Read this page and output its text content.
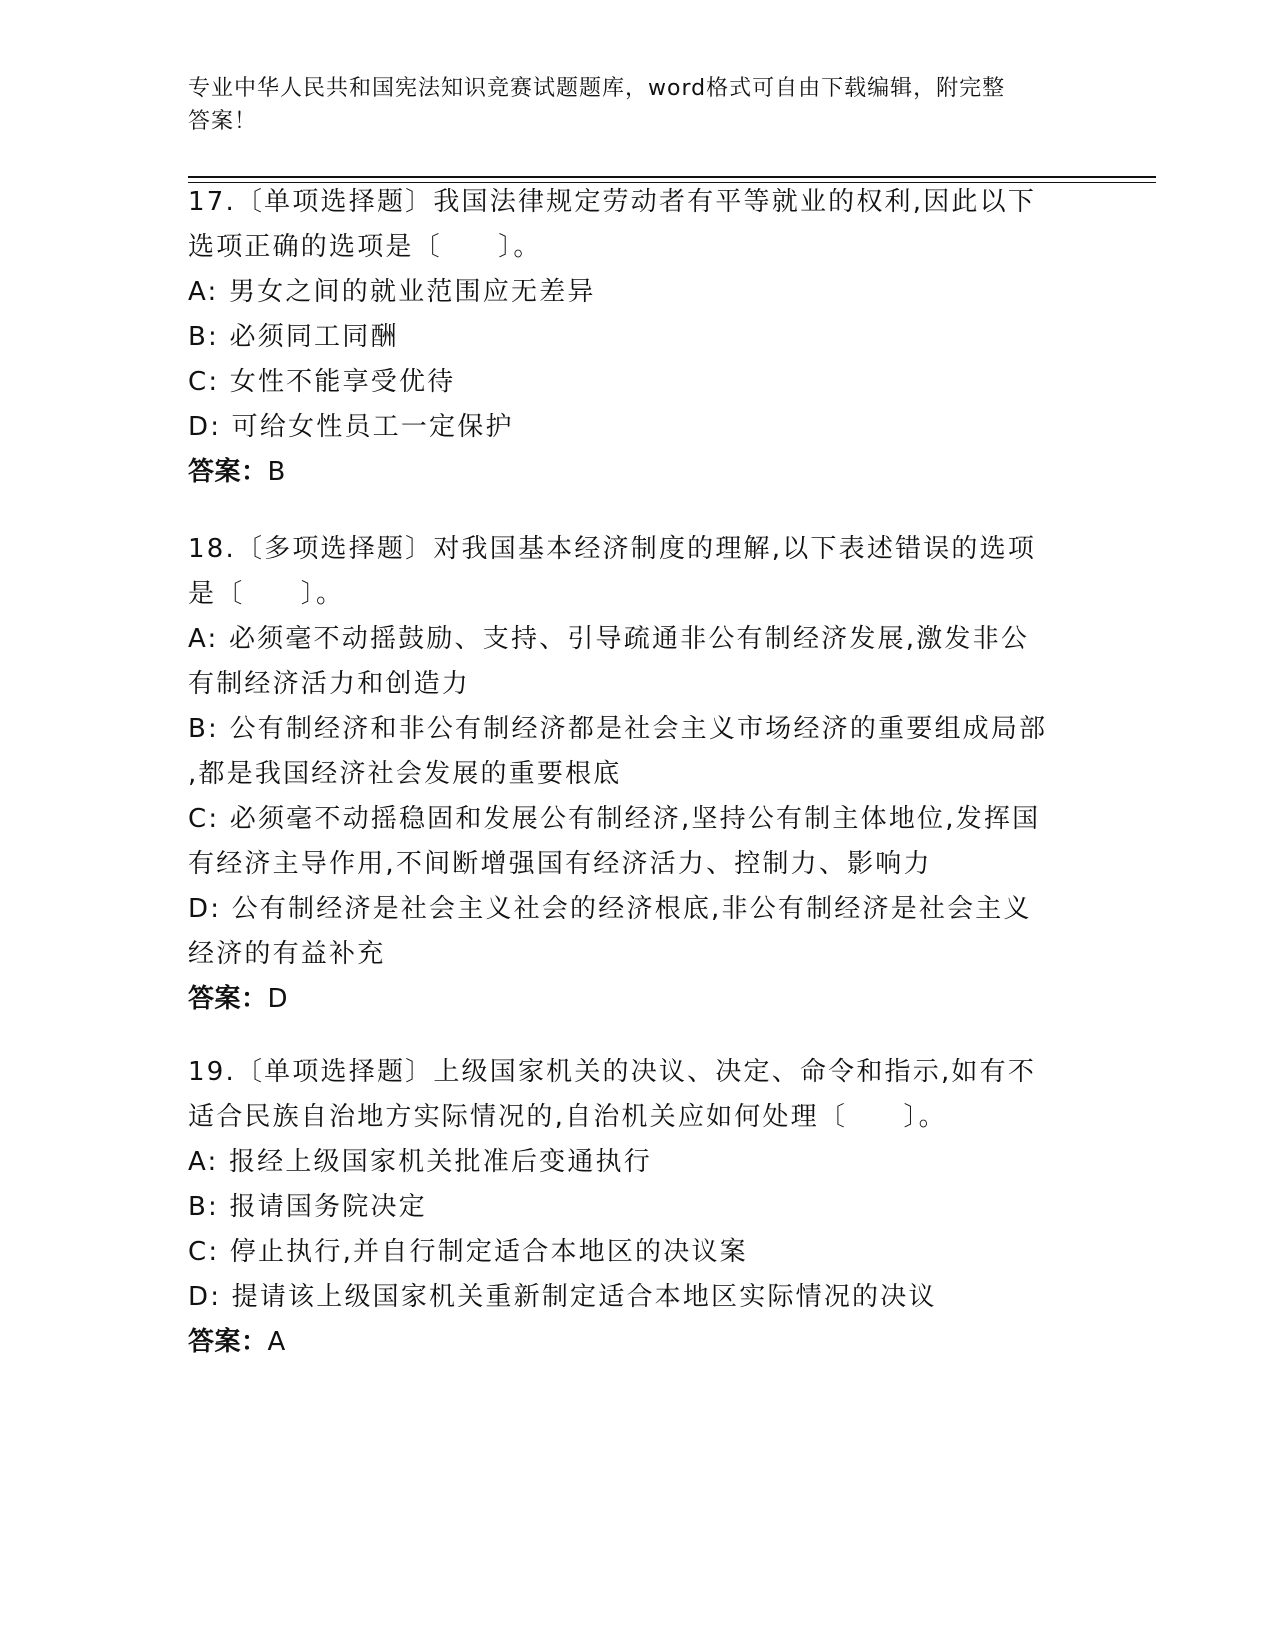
专业中华人民共和国宪法知识竞赛试题题库，word格式可自由下载编辑，附完整
答案！
17.〔单项选择题〕我国法律规定劳动者有平等就业的权利,因此以下
选项正确的选项是〔　　〕。
A: 男女之间的就业范围应无差异
B: 必须同工同酬
C: 女性不能享受优待
D: 可给女性员工一定保护
答案：B
18.〔多项选择题〕对我国基本经济制度的理解,以下表述错误的选项
是〔　　〕。
A: 必须毫不动摇鼓励、支持、引导疏通非公有制经济发展,激发非公
有制经济活力和创造力
B: 公有制经济和非公有制经济都是社会主义市场经济的重要组成局部
,都是我国经济社会发展的重要根底
C: 必须毫不动摇稳固和发展公有制经济,坚持公有制主体地位,发挥国
有经济主导作用,不间断增强国有经济活力、控制力、影响力
D: 公有制经济是社会主义社会的经济根底,非公有制经济是社会主义
经济的有益补充
答案：D
19.〔单项选择题〕上级国家机关的决议、决定、命令和指示,如有不
适合民族自治地方实际情况的,自治机关应如何处理〔　　〕。
A: 报经上级国家机关批准后变通执行
B: 报请国务院决定
C: 停止执行,并自行制定适合本地区的决议案
D: 提请该上级国家机关重新制定适合本地区实际情况的决议
答案：A
